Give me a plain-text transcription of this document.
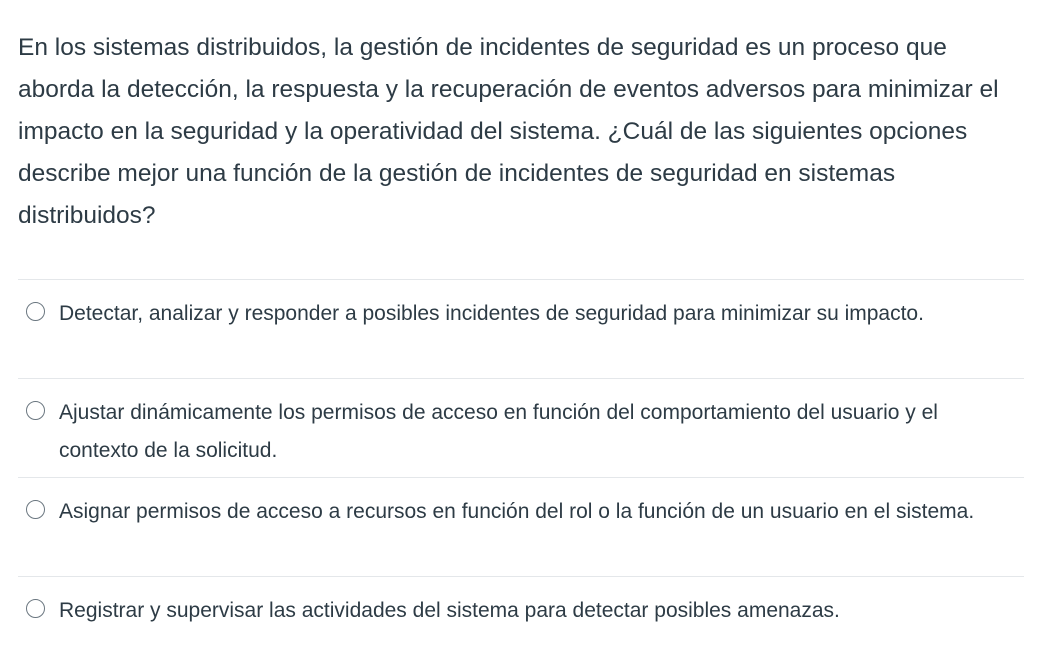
En los sistemas distribuidos, la gestión de incidentes de seguridad es un proceso que aborda la detección, la respuesta y la recuperación de eventos adversos para minimizar el impacto en la seguridad y la operatividad del sistema. ¿Cuál de las siguientes opciones describe mejor una función de la gestión de incidentes de seguridad en sistemas distribuidos?
Detectar, analizar y responder a posibles incidentes de seguridad para minimizar su impacto.
Ajustar dinámicamente los permisos de acceso en función del comportamiento del usuario y el contexto de la solicitud.
Asignar permisos de acceso a recursos en función del rol o la función de un usuario en el sistema.
Registrar y supervisar las actividades del sistema para detectar posibles amenazas.
